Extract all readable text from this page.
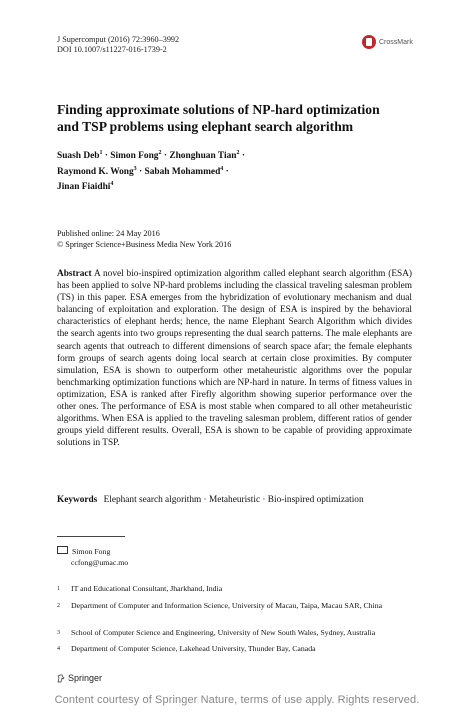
J Supercomput (2016) 72:3960–3992
DOI 10.1007/s11227-016-1739-2
CrossMark
Finding approximate solutions of NP-hard optimization
and TSP problems using elephant search algorithm
Suash Deb$^1$ · Simon Fong$^2$ · Zhonghuan Tian$^2$ ·
Raymond K. Wong$^3$ · Sabah Mohammed$^4$ ·
Jinan Fiaidhi$^4$
Published online: 24 May 2016
© Springer Science+Business Media New York 2016
Abstract A novel bio-inspired optimization algorithm called elephant search algorithm (ESA) has been applied to solve NP-hard problems including the classical traveling salesman problem (TS) in this paper. ESA emerges from the hybridization of evolutionary mechanism and dual balancing of exploitation and exploration. The design of ESA is inspired by the behavioral characteristics of elephant herds; hence, the name Elephant Search Algorithm which divides the search agents into two groups representing the dual search patterns. The male elephants are search agents that outreach to different dimensions of search space afar; the female elephants form groups of search agents doing local search at certain close proximities. By computer simulation, ESA is shown to outperform other metaheuristic algorithms over the popular benchmarking optimization functions which are NP-hard in nature. In terms of fitness values in optimization, ESA is ranked after Firefly algorithm showing superior performance over the other ones. The performance of ESA is most stable when compared to all other metaheuristic algorithms. When ESA is applied to the traveling salesman problem, different ratios of gender groups yield different results. Overall, ESA is shown to be capable of providing approximate solutions in TSP.
Keywords Elephant search algorithm · Metaheuristic · Bio-inspired optimization
Simon Fong
ccfong@umac.mo
1 IT and Educational Consultant, Jharkhand, India
2 Department of Computer and Information Science, University of Macau, Taipa, Macau SAR, China
3 School of Computer Science and Engineering, University of New South Wales, Sydney, Australia
4 Department of Computer Science, Lakehead University, Thunder Bay, Canada
Springer
Content courtesy of Springer Nature, terms of use apply. Rights reserved.
